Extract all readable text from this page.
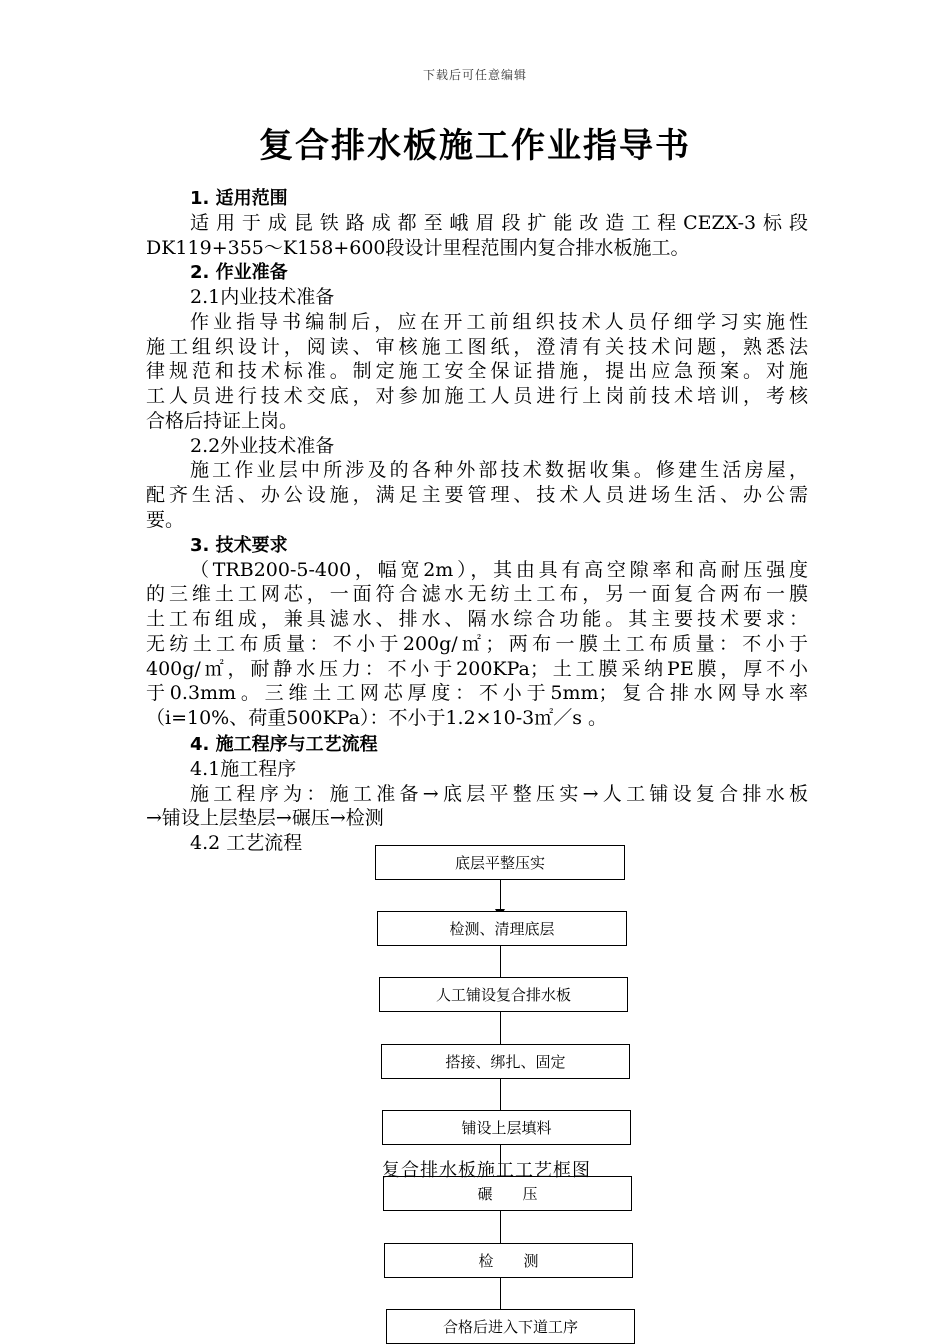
下载后可任意编辑
复合排水板施工作业指导书
1. 适用范围
适用于成昆铁路成都至峨眉段扩能改造工程CEZX-3标段
DK119+355～K158+600段设计里程范围内复合排水板施工。
2. 作业准备
2.1内业技术准备
作业指导书编制后，应在开工前组织技术人员仔细学习实施性
施工组织设计，阅读、审核施工图纸，澄清有关技术问题，熟悉法
律规范和技术标准。制定施工安全保证措施，提出应急预案。对施
工人员进行技术交底，对参加施工人员进行上岗前技术培训，考核
合格后持证上岗。
2.2外业技术准备
施工作业层中所涉及的各种外部技术数据收集。修建生活房屋，
配齐生活、办公设施，满足主要管理、技术人员进场生活、办公需
要。
3. 技术要求
（TRB200-5-400，幅宽2m），其由具有高空隙率和高耐压强度
的三维土工网芯，一面符合滤水无纺土工布，另一面复合两布一膜
土工布组成，兼具滤水、排水、隔水综合功能。其主要技术要求：
无纺土工布质量：不小于200g/㎡；两布一膜土工布质量：不小于
400g/㎡，耐静水压力：不小于200KPa；土工膜采纳PE膜，厚不小
于0.3mm。三维土工网芯厚度：不小于5mm；复合排水网导水率
（i=10%、荷重500KPa）：不小于1.2×10-3㎡／s 。
4. 施工程序与工艺流程
4.1施工程序
施工程序为：施工准备→底层平整压实→人工铺设复合排水板
→铺设上层垫层→碾压→检测
4.2 工艺流程
底层平整压实
检测、清理底层
人工铺设复合排水板
搭接、绑扎、固定
铺设上层填料
碾　　压
检　　测
合格后进入下道工序
复合排水板施工工艺框图
